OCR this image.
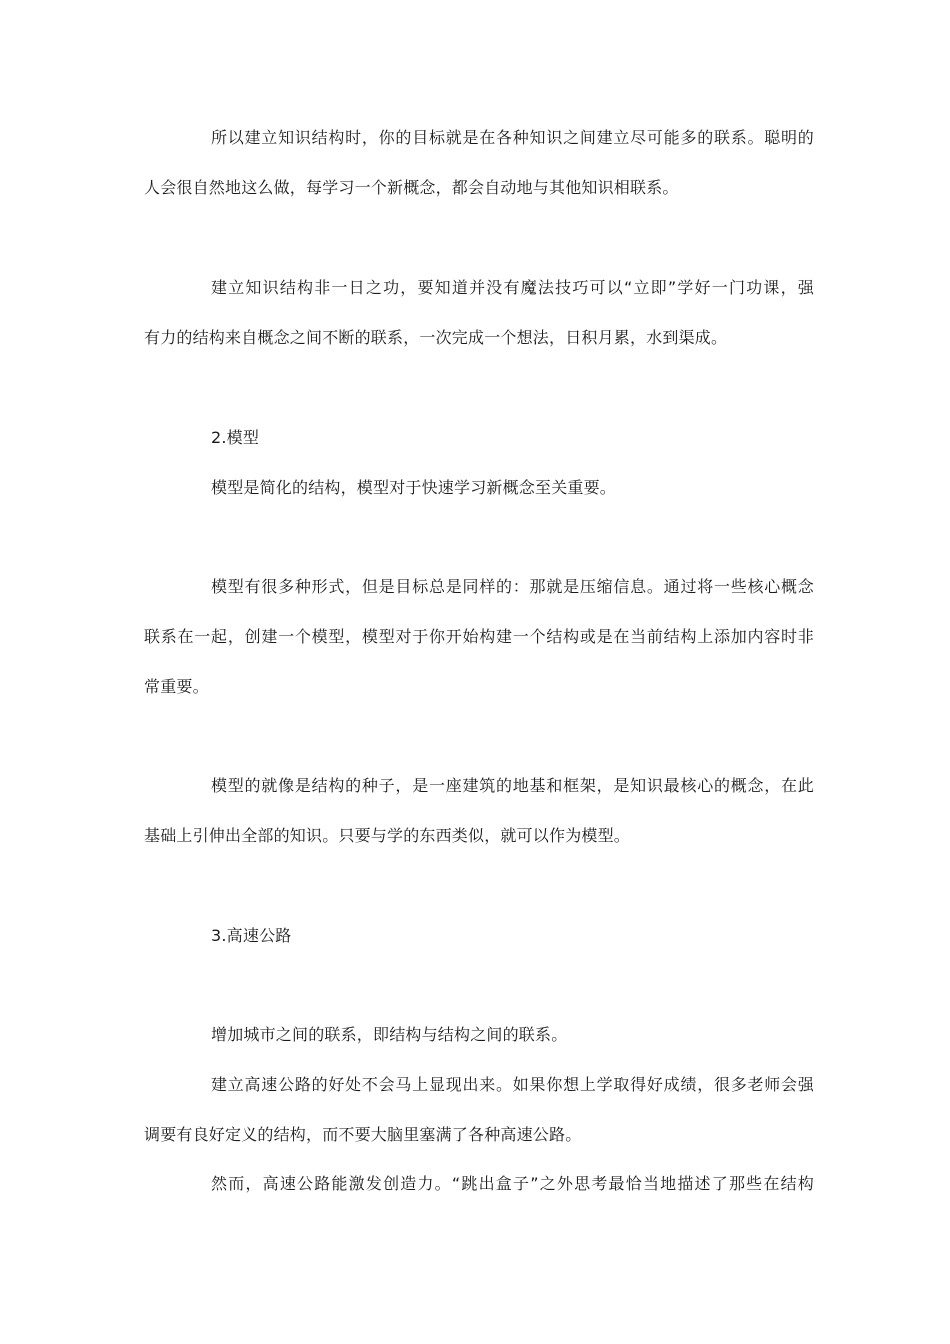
所以建立知识结构时，你的目标就是在各种知识之间建立尽可能多的联系。聪明的
人会很自然地这么做，每学习一个新概念，都会自动地与其他知识相联系。
建立知识结构非一日之功，要知道并没有魔法技巧可以“立即”学好一门功课，强
有力的结构来自概念之间不断的联系，一次完成一个想法，日积月累，水到渠成。
2.模型
模型是简化的结构，模型对于快速学习新概念至关重要。
模型有很多种形式，但是目标总是同样的：那就是压缩信息。通过将一些核心概念
联系在一起，创建一个模型，模型对于你开始构建一个结构或是在当前结构上添加内容时非
常重要。
模型的就像是结构的种子，是一座建筑的地基和框架，是知识最核心的概念，在此
基础上引伸出全部的知识。只要与学的东西类似，就可以作为模型。
3.高速公路
增加城市之间的联系，即结构与结构之间的联系。
建立高速公路的好处不会马上显现出来。如果你想上学取得好成绩，很多老师会强
调要有良好定义的结构，而不要大脑里塞满了各种高速公路。
然而，高速公路能激发创造力。“跳出盒子”之外思考最恰当地描述了那些在结构
